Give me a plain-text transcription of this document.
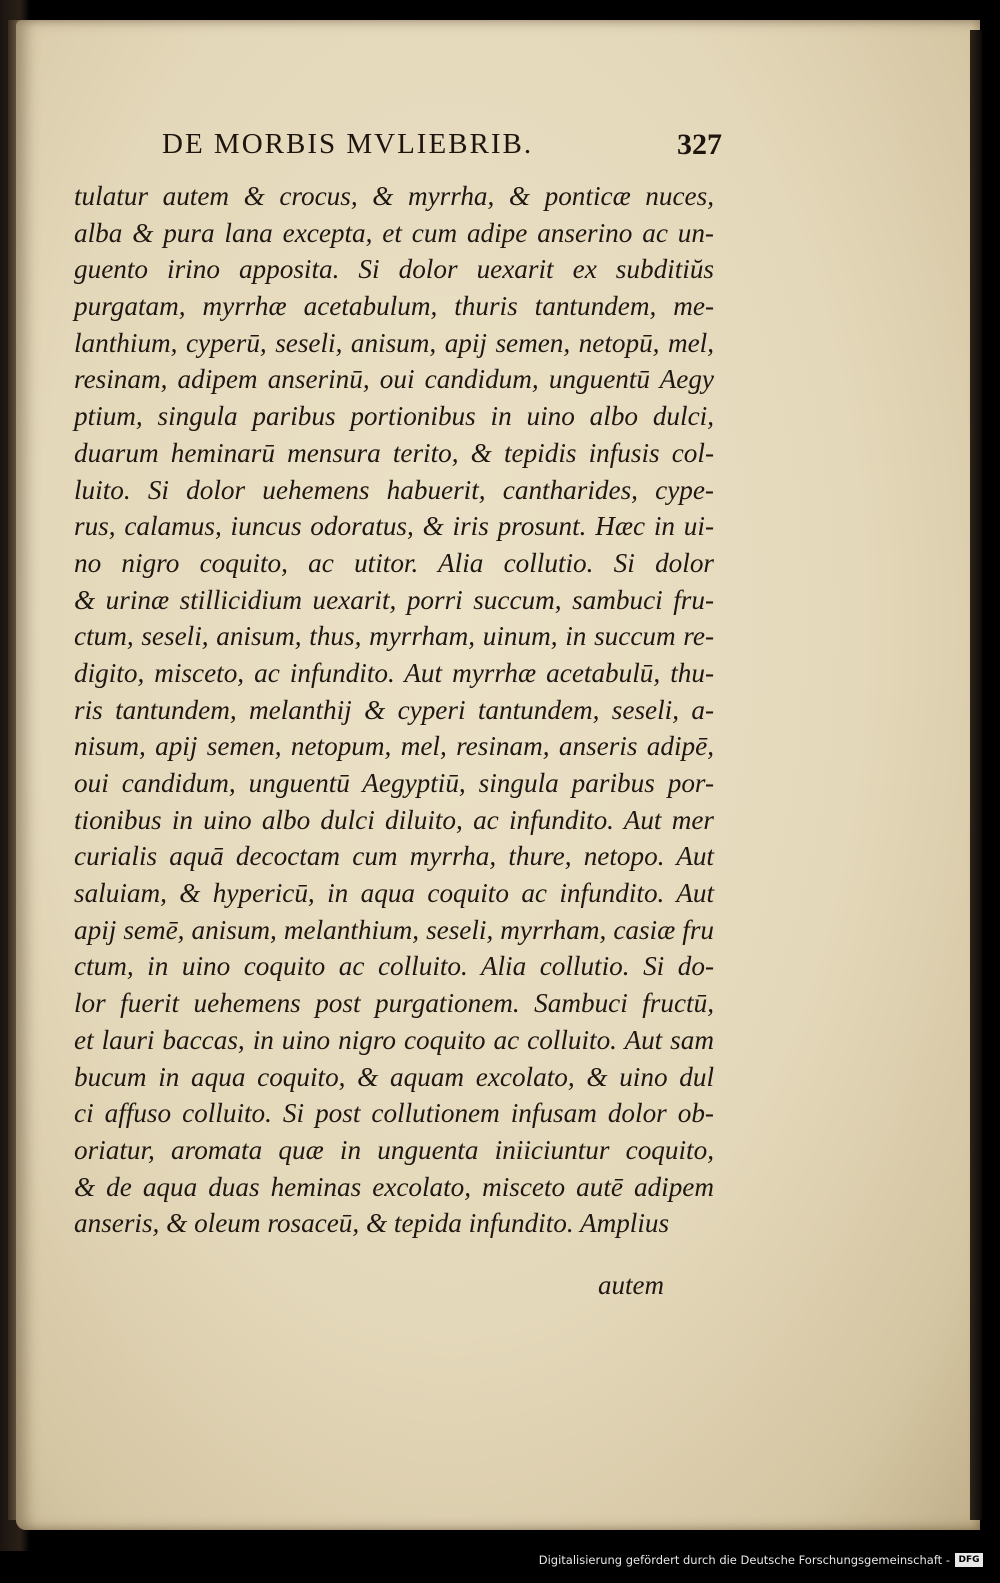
DE MORBIS MVLIEBRIB.	327
tulatur autem & crocus, & myrrha, & ponticæ nuces,
alba & pura lana excepta, et cum adipe anserino ac un-
guento irino apposita. Si dolor uexarit ex subditiŭs
purgatam, myrrhæ acetabulum, thuris tantundem, me-
lanthium, cyperū, seseli, anisum, apij semen, netopū, mel,
resinam, adipem anserinū, oui candidum, unguentū Aegy
ptium, singula paribus portionibus in uino albo dulci,
duarum heminarū mensura terito, & tepidis infusis col-
luito. Si dolor uehemens habuerit, cantharides, cype-
rus, calamus, iuncus odoratus, & iris prosunt. Hæc in ui-
no nigro coquito, ac utitor. Alia collutio. Si dolor
& urinæ stillicidium uexarit, porri succum, sambuci fru-
ctum, seseli, anisum, thus, myrrham, uinum, in succum re-
digito, misceto, ac infundito. Aut myrrhæ acetabulū, thu-
ris tantundem, melanthij & cyperi tantundem, seseli, a-
nisum, apij semen, netopum, mel, resinam, anseris adipē,
oui candidum, unguentū Aegyptiū, singula paribus por-
tionibus in uino albo dulci diluito, ac infundito. Aut mer
curialis aquā decoctam cum myrrha, thure, netopo. Aut
saluiam, & hypericū, in aqua coquito ac infundito. Aut
apij semē, anisum, melanthium, seseli, myrrham, casiæ fru
ctum, in uino coquito ac colluito. Alia collutio. Si do-
lor fuerit uehemens post purgationem. Sambuci fructū,
et lauri baccas, in uino nigro coquito ac colluito. Aut sam
bucum in aqua coquito, & aquam excolato, & uino dul
ci affuso colluito. Si post collutionem infusam dolor ob-
oriatur, aromata quæ in unguenta iniiciuntur coquito,
& de aqua duas heminas excolato, misceto autē adipem
anseris, & oleum rosaceū, & tepida infundito. Amplius
autem
Digitalisierung gefördert durch die Deutsche Forschungsgemeinschaft - DFG
